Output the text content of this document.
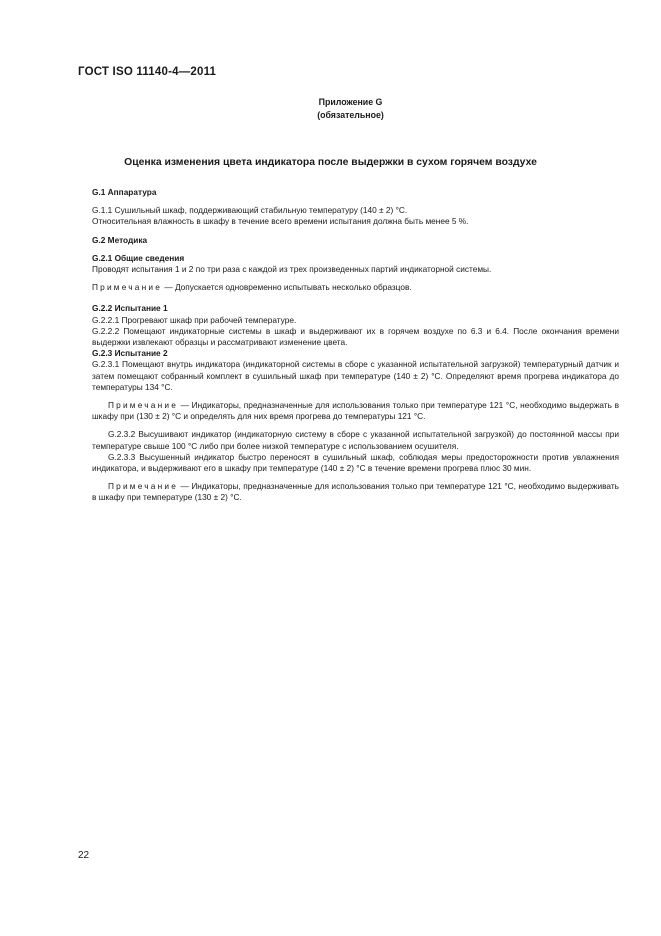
ГОСТ ISO 11140-4—2011
Приложение G
(обязательное)
Оценка изменения цвета индикатора после выдержки в сухом горячем воздухе

G.1 Аппаратура

G.1.1 Сушильный шкаф, поддерживающий стабильную температуру (140 ± 2) °C.

Относительная влажность в шкафу в течение всего времени испытания должна быть менее 5 %.

G.2 Методика

G.2.1 Общие сведения

Проводят испытания 1 и 2 по три раза с каждой из трех произведенных партий индикаторной системы.

Примечание — Допускается одновременно испытывать несколько образцов.

G.2.2 Испытание 1

G.2.2.1 Прогревают шкаф при рабочей температуре.

G.2.2.2 Помещают индикаторные системы в шкаф и выдерживают их в горячем воздухе по 6.3 и 6.4. После окончания времени выдержки извлекают образцы и рассматривают изменение цвета.

G.2.3 Испытание 2

G.2.3.1 Помещают внутрь индикатора (индикаторной системы в сборе с указанной испытательной загрузкой) температурный датчик и затем помещают собранный комплект в сушильный шкаф при температуре (140 ± 2) °C. Определяют время прогрева индикатора до температуры 134 °C.

Примечание — Индикаторы, предназначенные для использования только при температуре 121 °C, необходимо выдержать в шкафу при (130 ± 2) °C и определять для них время прогрева до температуры 121 °C.

G.2.3.2 Высушивают индикатор (индикаторную систему в сборе с указанной испытательной загрузкой) до постоянной массы при температуре свыше 100 °C либо при более низкой температуре с использованием осушителя.

G.2.3.3 Высушенный индикатор быстро переносят в сушильный шкаф, соблюдая меры предосторожности против увлажнения индикатора, и выдерживают его в шкафу при температуре (140 ± 2) °C в течение времени прогрева плюс 30 мин.

Примечание — Индикаторы, предназначенные для использования только при температуре 121 °C, необходимо выдерживать в шкафу при температуре (130 ± 2) °C.

22
